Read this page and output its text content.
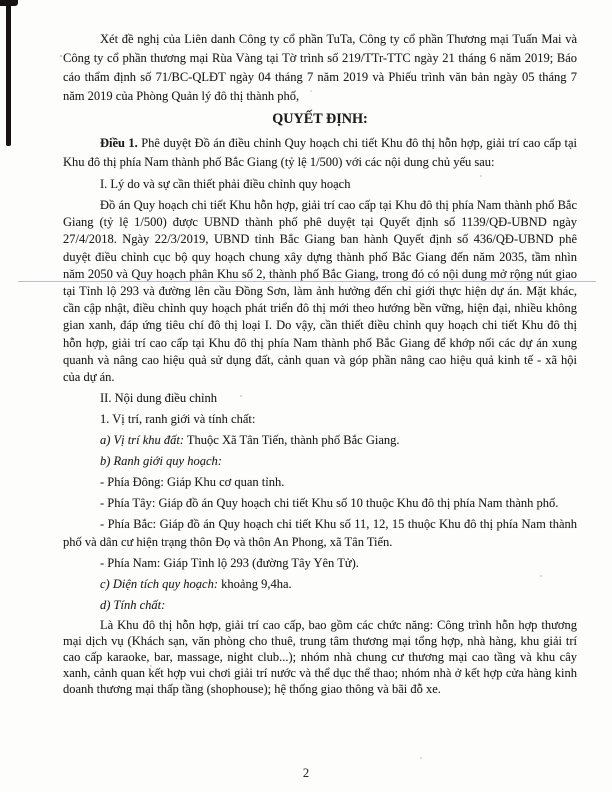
Xét đề nghị của Liên danh Công ty cổ phần TuTa, Công ty cổ phần Thương mại Tuấn Mai và Công ty cổ phần thương mại Rùa Vàng tại Tờ trình số 219/TTr-TTC ngày 21 tháng 6 năm 2019; Báo cáo thẩm định số 71/BC-QLĐT ngày 04 tháng 7 năm 2019 và Phiếu trình văn bản ngày 05 tháng 7 năm 2019 của Phòng Quản lý đô thị thành phố,

QUYẾT ĐỊNH:

Điều 1. Phê duyệt Đồ án điều chỉnh Quy hoạch chi tiết Khu đô thị hỗn hợp, giải trí cao cấp tại Khu đô thị phía Nam thành phố Bắc Giang (tỷ lệ 1/500) với các nội dung chủ yếu sau:

I. Lý do và sự cần thiết phải điều chỉnh quy hoạch

Đồ án Quy hoạch chi tiết Khu hỗn hợp, giải trí cao cấp tại Khu đô thị phía Nam thành phố Bắc Giang (tỷ lệ 1/500) được UBND thành phố phê duyệt tại Quyết định số 1139/QĐ-UBND ngày 27/4/2018. Ngày 22/3/2019, UBND tỉnh Bắc Giang ban hành Quyết định số 436/QĐ-UBND phê duyệt điều chỉnh cục bộ quy hoạch chung xây dựng thành phố Bắc Giang đến năm 2035, tầm nhìn năm 2050 và Quy hoạch phân Khu số 2, thành phố Bắc Giang, trong đó có nội dung mở rộng nút giao tại Tỉnh lộ 293 và đường lên cầu Đồng Sơn, làm ảnh hưởng đến chỉ giới thực hiện dự án. Mặt khác, cần cập nhật, điều chỉnh quy hoạch phát triển đô thị mới theo hướng bền vững, hiện đại, nhiều không gian xanh, đáp ứng tiêu chí đô thị loại I. Do vậy, cần thiết điều chỉnh quy hoạch chi tiết Khu đô thị hỗn hợp, giải trí cao cấp tại Khu đô thị phía Nam thành phố Bắc Giang để khớp nối các dự án xung quanh và nâng cao hiệu quả sử dụng đất, cảnh quan và góp phần nâng cao hiệu quả kinh tế - xã hội của dự án.

II. Nội dung điều chỉnh

1. Vị trí, ranh giới và tính chất:

a) Vị trí khu đất: Thuộc Xã Tân Tiến, thành phố Bắc Giang.

b) Ranh giới quy hoạch:

- Phía Đông: Giáp Khu cơ quan tỉnh.

- Phía Tây: Giáp đồ án Quy hoạch chi tiết Khu số 10 thuộc Khu đô thị phía Nam thành phố.

- Phía Bắc: Giáp đồ án Quy hoạch chi tiết Khu số 11, 12, 15 thuộc Khu đô thị phía Nam thành phố và dân cư hiện trạng thôn Đọ và thôn An Phong, xã Tân Tiến.

- Phía Nam: Giáp Tỉnh lộ 293 (đường Tây Yên Tử).

c) Diện tích quy hoạch: khoảng 9,4ha.

d) Tính chất:

Là Khu đô thị hỗn hợp, giải trí cao cấp, bao gồm các chức năng: Công trình hỗn hợp thương mại dịch vụ (Khách sạn, văn phòng cho thuê, trung tâm thương mại tổng hợp, nhà hàng, khu giải trí cao cấp karaoke, bar, massage, night club...); nhóm nhà chung cư thương mại cao tầng và khu cây xanh, cảnh quan kết hợp vui chơi giải trí nước và thể dục thể thao; nhóm nhà ở kết hợp cửa hàng kinh doanh thương mại thấp tầng (shophouse); hệ thống giao thông và bãi đỗ xe.

2
